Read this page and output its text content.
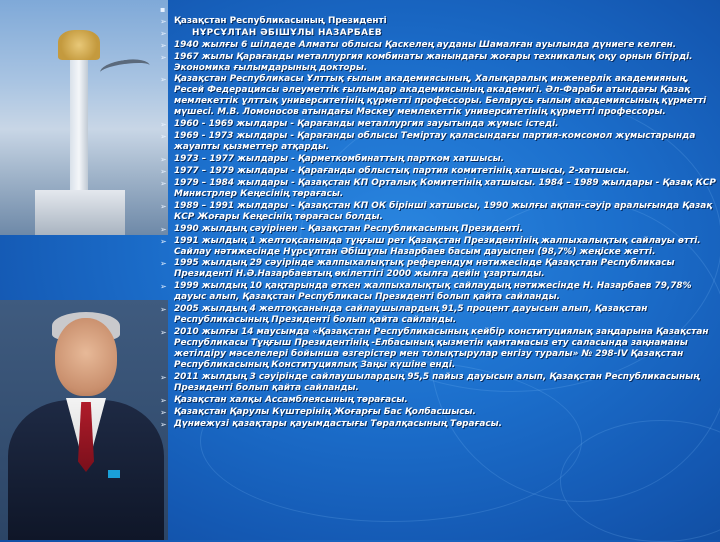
▪
➢ Қазақстан Республикасының Президенті
➢	НҰРСҰЛТАН ӘБІШҰЛЫ НАЗАРБАЕВ
➢ 1940 жылғы 6 шілдеде Алматы облысы Қаскелең ауданы Шамалған ауылында дүниеге келген.
➢ 1967 жылы Қарағанды металлургия комбинаты жанындағы жоғары техникалық оқу орнын бітірді. Экономика ғылымдарының докторы.
➢ Қазақстан Республикасы Ұлттық ғылым академиясының, Халықаралық инженерлік академияның, Ресей Федерациясы әлеуметтік ғылымдар академиясының академигі. Әл-Фараби атындағы Қазақ мемлекеттік ұлттық университетінің құрметті профессоры. Беларусь ғылым академиясының құрметті мүшесі. М.В. Ломоносов атындағы Мәскеу мемлекеттік университетінің құрметті профессоры.
➢ 1960 - 1969 жылдары - Қарағанды металлургия зауытында жұмыс істеді.
➢ 1969 - 1973 жылдары - Қарағанды облысы Теміртау қаласындағы партия-комсомол жұмыстарында жауапты қызметтер атқарды.
➢ 1973 – 1977 жылдары - Қарметкомбинаттың партком хатшысы.
➢ 1977 – 1979 жылдары - Қарағанды облыстық партия комитетінің хатшысы, 2-хатшысы.
➢ 1979 – 1984 жылдары - Қазақстан КП Орталық Комитетінің хатшысы. 1984 – 1989 жылдары - Қазақ КСР Министрлер Кеңесінің төрағасы.
➢ 1989 – 1991 жылдары - Қазақстан КП ОК бірінші хатшысы, 1990 жылғы ақпан-сәуір аралығында Қазақ КСР Жоғары Кеңесінің төрағасы болды.
➢ 1990 жылдың сәуірінен – Қазақстан Республикасының Президенті.
➢ 1991 жылдың 1 желтоқсанында тұңғыш рет Қазақстан Президентінің жалпыхалықтық сайлауы өтті. Сайлау нәтижесінде Нұрсұлтан Әбішұлы Назарбаев басым дауыспен (98,7%) жеңіске жетті.
➢ 1995 жылдың 29 сәуірінде жалпыхалықтық референдум нәтижесінде Қазақстан Республикасы Президенті Н.Ә.Назарбаевтың өкілеттігі 2000 жылға дейін ұзартылды.
➢ 1999 жылдың 10 қаңтарында өткен жалпыхалықтық сайлаудың нәтижесінде Н. Назарбаев 79,78% дауыс алып, Қазақстан Республикасы Президенті болып қайта сайланды.
➢ 2005 жылдың 4 желтоқсанында сайлаушылардың 91,5 процент дауысын алып, Қазақстан Республикасының Президенті болып қайта сайланды.
➢ 2010 жылғы 14 маусымда «Қазақстан Республикасының кейбір конституциялық заңдарына Қазақстан Республикасы Тұңғыш Президентінің -Елбасының қызметін қамтамасыз ету саласында заңнаманы жетілдіру мәселелері бойынша өзгерістер мен толықтырулар енгізу туралы» № 298-IV Қазақстан Республикасының Конституциялық Заңы күшіне енді.
➢ 2011 жылдың 3 сәуірінде сайлаушылардың 95,5 пайыз дауысын алып, Қазақстан Республикасының Президенті болып қайта сайланды.
➢ Қазақстан халқы Ассамблеясының төрағасы.
➢ Қазақстан Қарулы Күштерінің Жоғарғы Бас Қолбасшысы.
➢ Дүниежүзі қазақтары қауымдастығы Төралқасының Төрағасы.
